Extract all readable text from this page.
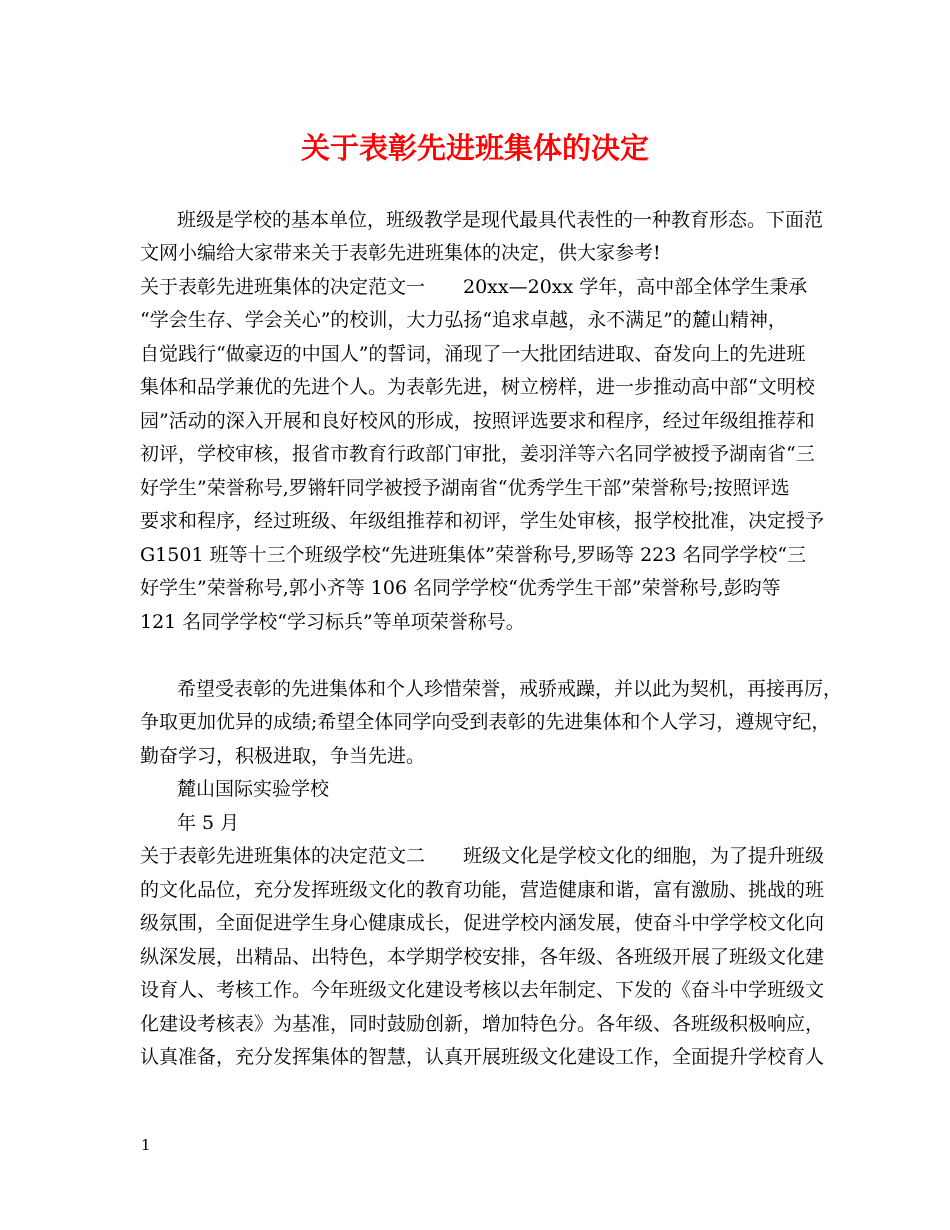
关于表彰先进班集体的决定

班级是学校的基本单位，班级教学是现代最具代表性的一种教育形态。下面范

文网小编给大家带来关于表彰先进班集体的决定，供大家参考!

关于表彰先进班集体的决定范文一　　20xx—20xx 学年，高中部全体学生秉承

“学会生存、学会关心”的校训，大力弘扬“追求卓越，永不满足”的麓山精神，

自觉践行“做豪迈的中国人”的誓词，涌现了一大批团结进取、奋发向上的先进班

集体和品学兼优的先进个人。为表彰先进，树立榜样，进一步推动高中部“文明校

园”活动的深入开展和良好校风的形成，按照评选要求和程序，经过年级组推荐和

初评，学校审核，报省市教育行政部门审批，姜羽洋等六名同学被授予湖南省“三

好学生”荣誉称号,罗锵轩同学被授予湖南省“优秀学生干部”荣誉称号;按照评选

要求和程序，经过班级、年级组推荐和初评，学生处审核，报学校批准，决定授予

G1501 班等十三个班级学校“先进班集体”荣誉称号,罗旸等 223 名同学学校“三

好学生”荣誉称号,郭小齐等 106 名同学学校“优秀学生干部”荣誉称号,彭昀等

121 名同学学校“学习标兵”等单项荣誉称号。

希望受表彰的先进集体和个人珍惜荣誉，戒骄戒躁，并以此为契机，再接再厉，

争取更加优异的成绩;希望全体同学向受到表彰的先进集体和个人学习，遵规守纪，

勤奋学习，积极进取，争当先进。

麓山国际实验学校

年 5 月

关于表彰先进班集体的决定范文二　　班级文化是学校文化的细胞，为了提升班级

的文化品位，充分发挥班级文化的教育功能，营造健康和谐，富有激励、挑战的班

级氛围，全面促进学生身心健康成长，促进学校内涵发展，使奋斗中学学校文化向

纵深发展，出精品、出特色，本学期学校安排，各年级、各班级开展了班级文化建

设育人、考核工作。今年班级文化建设考核以去年制定、下发的《奋斗中学班级文

化建设考核表》为基准，同时鼓励创新，增加特色分。各年级、各班级积极响应，

认真准备，充分发挥集体的智慧，认真开展班级文化建设工作，全面提升学校育人

1
